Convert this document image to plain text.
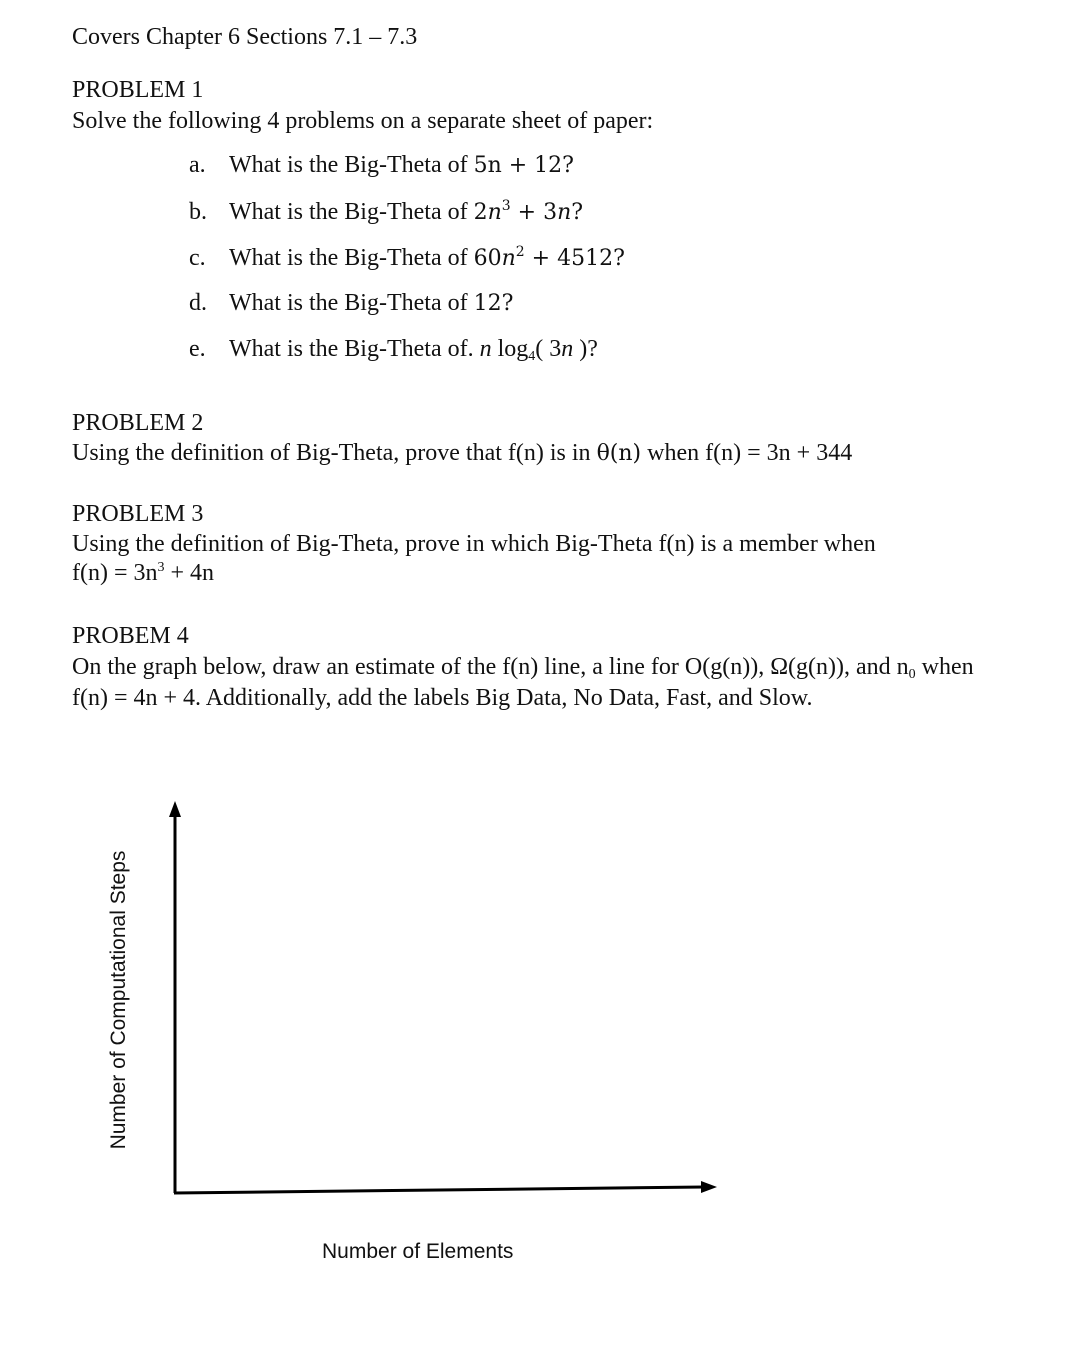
Covers Chapter 6 Sections 7.1 – 7.3
PROBLEM 1
Solve the following 4 problems on a separate sheet of paper:
a. What is the Big-Theta of 5n + 12?
b. What is the Big-Theta of $2n^3 + 3n$?
c. What is the Big-Theta of $60n^2 + 4512$?
d. What is the Big-Theta of 12?
e. What is the Big-Theta of. n $\log_4$( 3n )?
PROBLEM 2
Using the definition of Big-Theta, prove that f(n) is in θ(n) when f(n) = 3n + 344
PROBLEM 3
Using the definition of Big-Theta, prove in which Big-Theta f(n) is a member when
$f(n) = 3n^3 + 4n$
PROBEM 4
On the graph below, draw an estimate of the f(n) line, a line for O(g(n)), Ω(g(n)), and $n_0$ when
f(n) = 4n + 4. Additionally, add the labels Big Data, No Data, Fast, and Slow.
Number of Computational Steps
Number of Elements
